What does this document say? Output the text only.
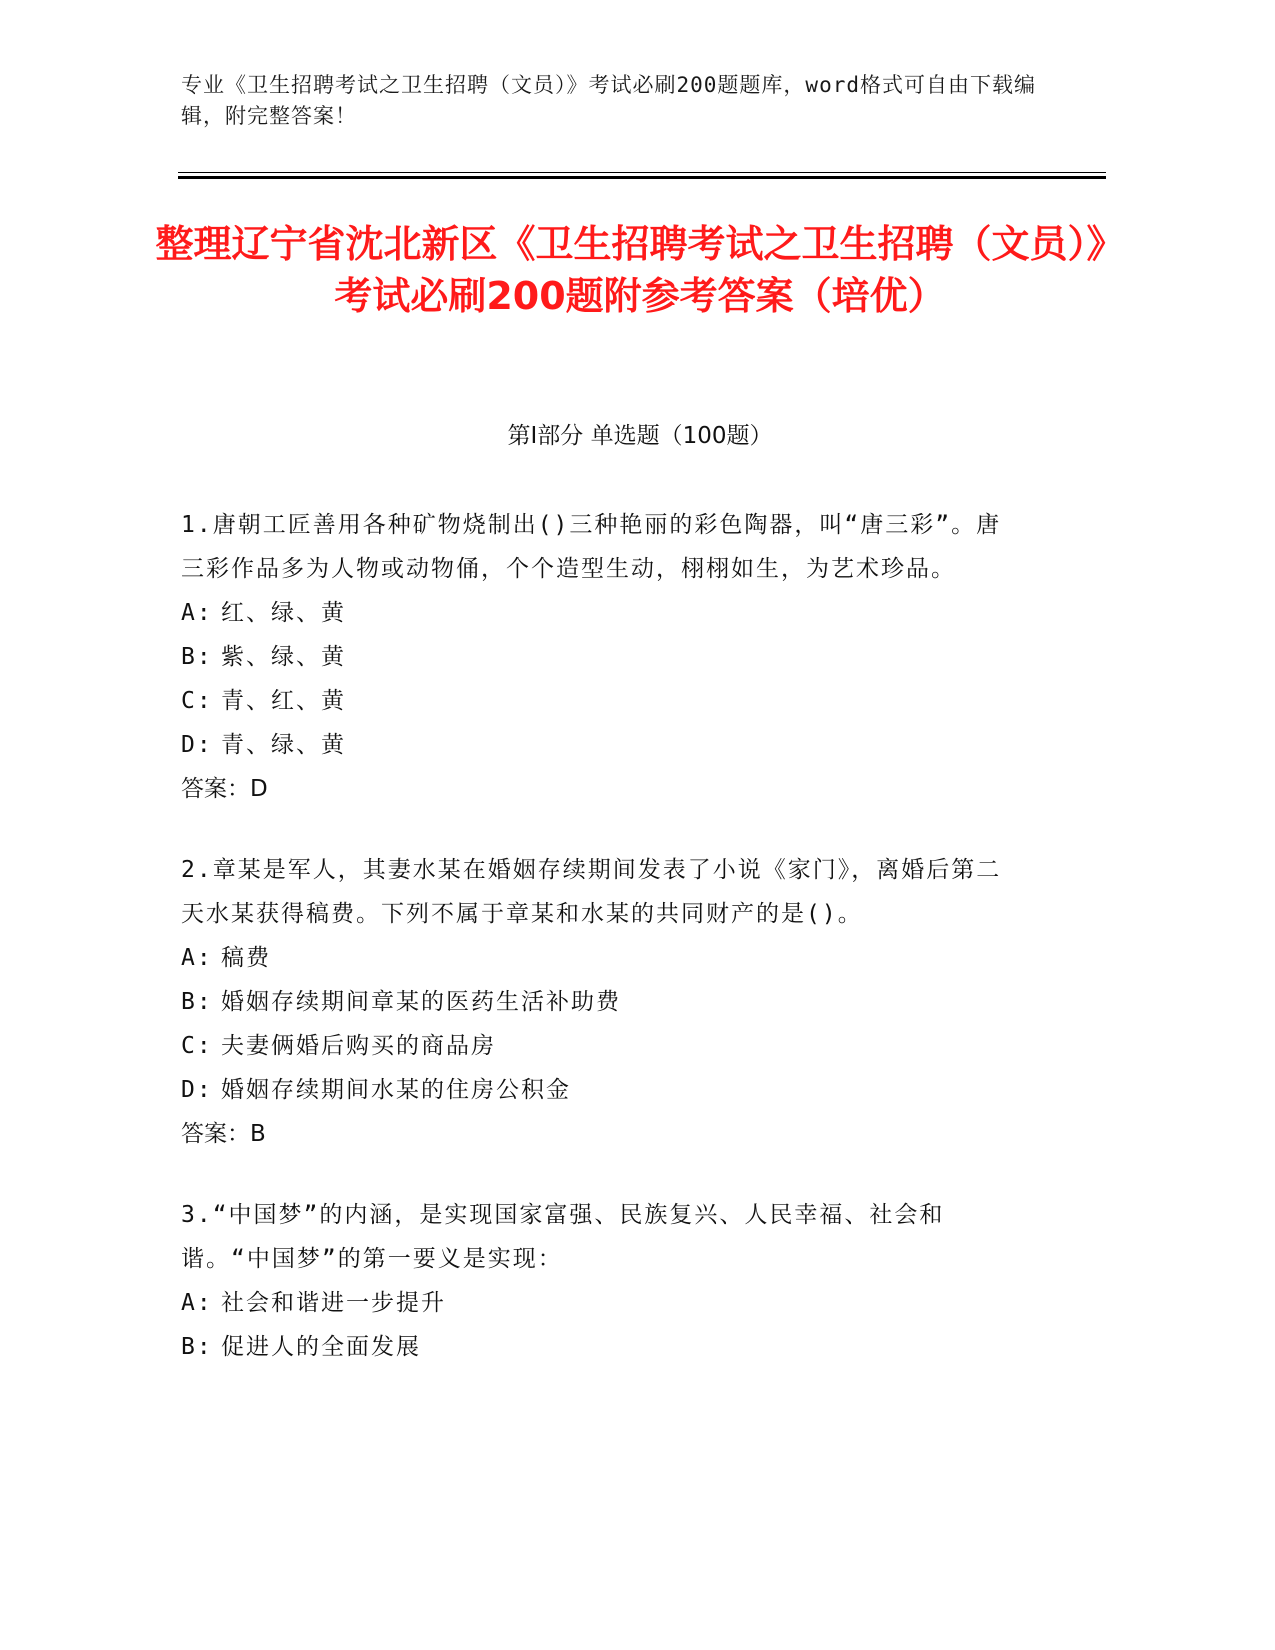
专业《卫生招聘考试之卫生招聘（文员）》考试必刷200题题库，word格式可自由下载编辑，附完整答案！
整理辽宁省沈北新区《卫生招聘考试之卫生招聘（文员）》考试必刷200题附参考答案（培优）
第Ⅰ部分 单选题（100题）
1.唐朝工匠善用各种矿物烧制出()三种艳丽的彩色陶器，叫“唐三彩”。唐三彩作品多为人物或动物俑，个个造型生动，栩栩如生，为艺术珍品。
A: 红、绿、黄
B: 紫、绿、黄
C: 青、红、黄
D: 青、绿、黄
答案：D
2.章某是军人，其妻水某在婚姻存续期间发表了小说《家门》，离婚后第二天水某获得稿费。下列不属于章某和水某的共同财产的是()。
A: 稿费
B: 婚姻存续期间章某的医药生活补助费
C: 夫妻俩婚后购买的商品房
D: 婚姻存续期间水某的住房公积金
答案：B
3.“中国梦”的内涵，是实现国家富强、民族复兴、人民幸福、社会和谐。“中国梦”的第一要义是实现：
A: 社会和谐进一步提升
B: 促进人的全面发展
